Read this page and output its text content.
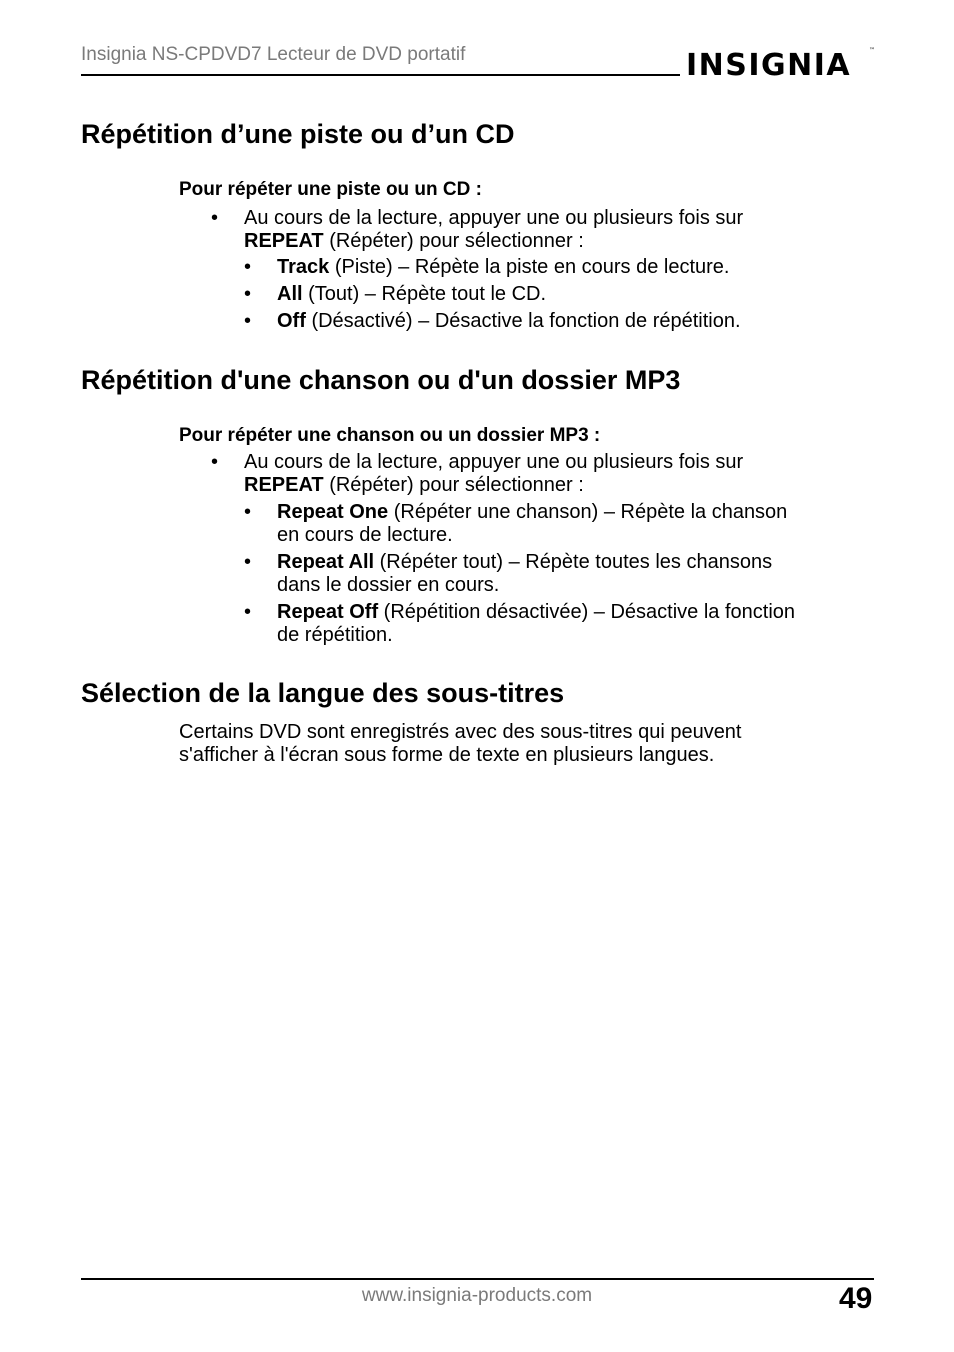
Insignia NS-CPDVD7 Lecteur de DVD portatif	INSIGNIA	™
Répétition d’une piste ou d’un CD
Pour répéter une piste ou un CD :
• Au cours de la lecture, appuyer une ou plusieurs fois sur
REPEAT (Répéter) pour sélectionner :
• Track (Piste) – Répète la piste en cours de lecture.
• All (Tout) – Répète tout le CD.
• Off (Désactivé) – Désactive la fonction de répétition.
Répétition d'une chanson ou d'un dossier MP3
Pour répéter une chanson ou un dossier MP3 :
• Au cours de la lecture, appuyer une ou plusieurs fois sur
REPEAT (Répéter) pour sélectionner :
• Repeat One (Répéter une chanson) – Répète la chanson
en cours de lecture.
• Repeat All (Répéter tout) – Répète toutes les chansons
dans le dossier en cours.
• Repeat Off (Répétition désactivée) – Désactive la fonction
de répétition.
Sélection de la langue des sous-titres
Certains DVD sont enregistrés avec des sous-titres qui peuvent
s'afficher à l'écran sous forme de texte en plusieurs langues.
www.insignia-products.com	49
